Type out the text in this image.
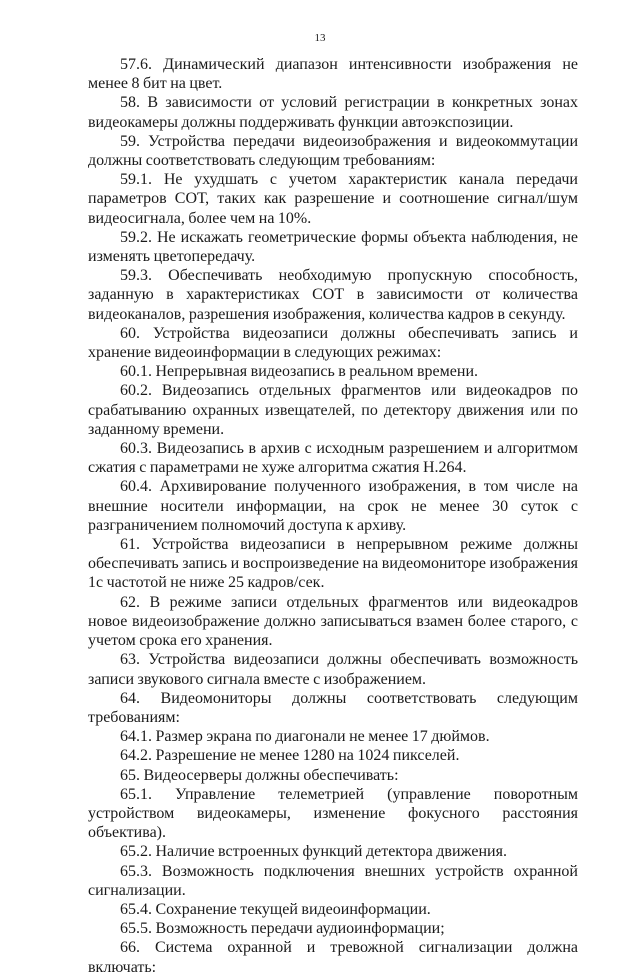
13

57.6. Динамический диапазон интенсивности изображения не менее 8 бит на цвет.

58. В зависимости от условий регистрации в конкретных зонах видеокамеры должны поддерживать функции автоэкспозиции.

59. Устройства передачи видеоизображения и видеокоммутации должны соответствовать следующим требованиям:

59.1. Не ухудшать с учетом характеристик канала передачи параметров СОТ, таких как разрешение и соотношение сигнал/шум видеосигнала, более чем на 10%.

59.2. Не искажать геометрические формы объекта наблюдения, не изменять цветопередачу.

59.3. Обеспечивать необходимую пропускную способность, заданную в характеристиках СОТ в зависимости от количества видеоканалов, разрешения изображения, количества кадров в секунду.

60. Устройства видеозаписи должны обеспечивать запись и хранение видеоинформации в следующих режимах:

60.1. Непрерывная видеозапись в реальном времени.

60.2. Видеозапись отдельных фрагментов или видеокадров по срабатыванию охранных извещателей, по детектору движения или по заданному времени.

60.3. Видеозапись в архив с исходным разрешением и алгоритмом сжатия с параметрами не хуже алгоритма сжатия H.264.

60.4. Архивирование полученного изображения, в том числе на внешние носители информации, на срок не менее 30 суток с разграничением полномочий доступа к архиву.

61. Устройства видеозаписи в непрерывном режиме должны обеспечивать запись и воспроизведение на видеомониторе изображения 1с частотой не ниже 25 кадров/сек.

62. В режиме записи отдельных фрагментов или видеокадров новое видеоизображение должно записываться взамен более старого, с учетом срока его хранения.

63. Устройства видеозаписи должны обеспечивать возможность записи звукового сигнала вместе с изображением.

64. Видеомониторы должны соответствовать следующим требованиям:

64.1. Размер экрана по диагонали не менее 17 дюймов.

64.2. Разрешение не менее 1280 на 1024 пикселей.

65. Видеосерверы должны обеспечивать:

65.1. Управление телеметрией (управление поворотным устройством видеокамеры, изменение фокусного расстояния объектива).

65.2. Наличие встроенных функций детектора движения.

65.3. Возможность подключения внешних устройств охранной сигнализации.

65.4. Сохранение текущей видеоинформации.

65.5. Возможность передачи аудиоинформации;

66. Система охранной и тревожной сигнализации должна включать:
